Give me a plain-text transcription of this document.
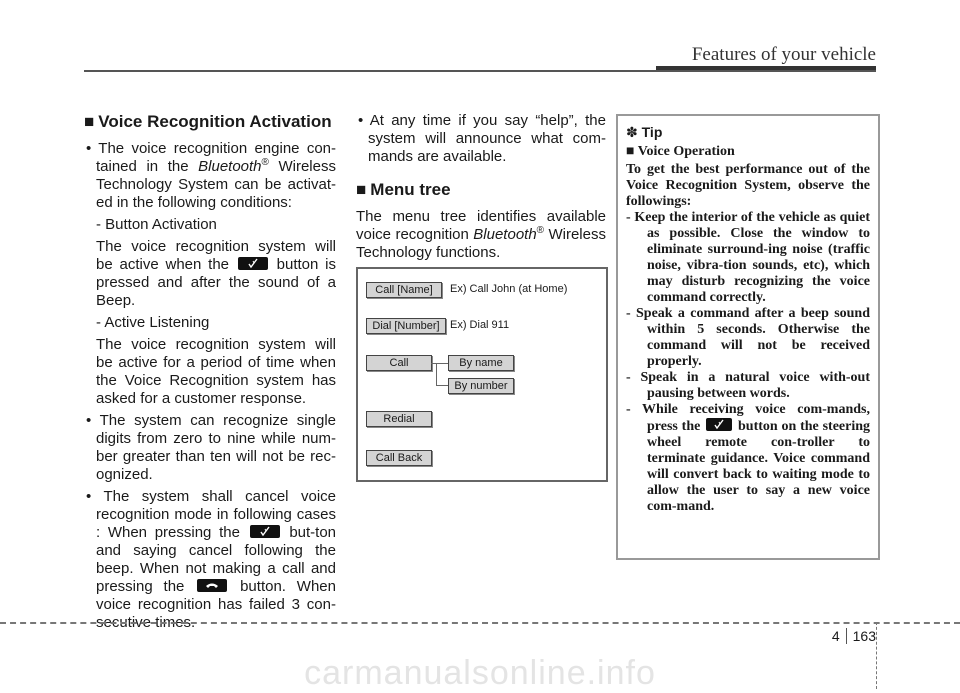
Features of your vehicle
■ Voice Recognition Activation

• The voice recognition engine con-tained in the Bluetooth® Wireless Technology System can be activat-ed in the following conditions:

- Button Activation

The voice recognition system will be active when the	button is pressed and after the sound of a Beep.

- Active Listening

The voice recognition system will be active for a period of time when the Voice Recognition system has asked for a customer response.

• The system can recognize single digits from zero to nine while num-ber greater than ten will not be rec-ognized.

• The system shall cancel voice recognition mode in following cases : When pressing the	but-ton and saying cancel following the beep. When not making a call and pressing the	button. When voice recognition has failed 3 con-secutive times.

• At any time if you say “help”, the system will announce what com-mands are available.

■ Menu tree

The menu tree identifies available voice recognition Bluetooth® Wireless Technology functions.

Call [Name]	Ex) Call John (at Home)
Dial [Number] Ex) Dial 911
Call	By name
By number
Redial
Call Back
✽ Tip
■ Voice Operation
To get the best performance out of the Voice Recognition System, observe the followings:
- Keep the interior of the vehicle as quiet as possible. Close the window to eliminate surround-ing noise (traffic noise, vibra-tion sounds, etc), which may disturb recognizing the voice command correctly.
- Speak a command after a beep sound within 5 seconds. Otherwise the command will not be received properly.
- Speak in a natural voice with-out pausing between words.
- While receiving voice com-mands, press the	button on the steering wheel remote con-troller to terminate guidance. Voice command will convert back to waiting mode to allow the user to say a new voice com-mand.
4 163
carmanualsonline.info
